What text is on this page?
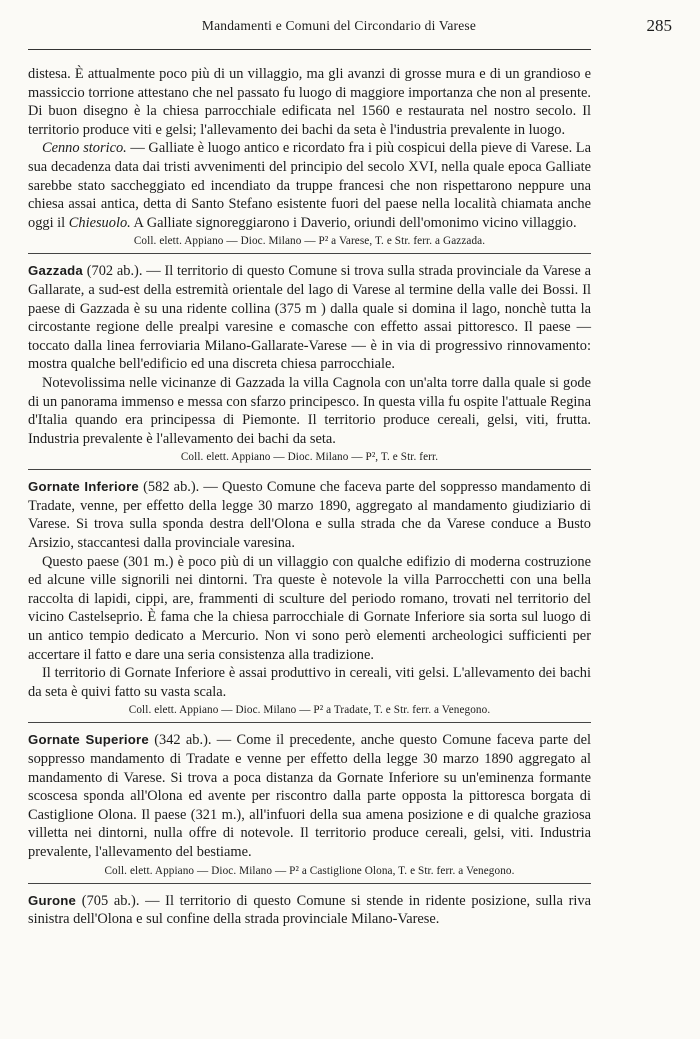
Mandamenti e Comuni del Circondario di Varese	285

distesa. È attualmente poco più di un villaggio, ma gli avanzi di grosse mura e di un grandioso e massiccio torrione attestano che nel passato fu luogo di maggiore importanza che non al presente. Di buon disegno è la chiesa parrocchiale edificata nel 1560 e restaurata nel nostro secolo. Il territorio produce viti e gelsi; l'allevamento dei bachi da seta è l'industria prevalente in luogo.

Cenno storico. — Galliate è luogo antico e ricordato fra i più cospicui della pieve di Varese. La sua decadenza data dai tristi avvenimenti del principio del secolo XVI, nella quale epoca Galliate sarebbe stato saccheggiato ed incendiato da truppe francesi che non rispettarono neppure una chiesa assai antica, detta di Santo Stefano esistente fuori del paese nella località chiamata anche oggi il Chiesuolo. A Galliate signoreggiarono i Daverio, oriundi dell'omonimo vicino villaggio.

Coll. elett. Appiano — Dioc. Milano — P² a Varese, T. e Str. ferr. a Gazzada.

Gazzada (702 ab.). — Il territorio di questo Comune si trova sulla strada provinciale da Varese a Gallarate, a sud-est della estremità orientale del lago di Varese al termine della valle dei Bossi. Il paese di Gazzada è su una ridente collina (375 m ) dalla quale si domina il lago, nonchè tutta la circostante regione delle prealpi varesine e comasche con effetto assai pittoresco. Il paese — toccato dalla linea ferroviaria Milano-Gallarate-Varese — è in via di progressivo rinnovamento: mostra qualche bell'edificio ed una discreta chiesa parrocchiale.

Notevolissima nelle vicinanze di Gazzada la villa Cagnola con un'alta torre dalla quale si gode di un panorama immenso e messa con sfarzo principesco. In questa villa fu ospite l'attuale Regina d'Italia quando era principessa di Piemonte. Il territorio produce cereali, gelsi, viti, frutta. Industria prevalente è l'allevamento dei bachi da seta.

Coll. elett. Appiano — Dioc. Milano — P², T. e Str. ferr.

Gornate Inferiore (582 ab.). — Questo Comune che faceva parte del soppresso mandamento di Tradate, venne, per effetto della legge 30 marzo 1890, aggregato al mandamento giudiziario di Varese. Si trova sulla sponda destra dell'Olona e sulla strada che da Varese conduce a Busto Arsizio, staccantesi dalla provinciale varesina.

Questo paese (301 m.) è poco più di un villaggio con qualche edifizio di moderna costruzione ed alcune ville signorili nei dintorni. Tra queste è notevole la villa Parrocchetti con una bella raccolta di lapidi, cippi, are, frammenti di sculture del periodo romano, trovati nel territorio del vicino Castelseprio. È fama che la chiesa parrocchiale di Gornate Inferiore sia sorta sul luogo di un antico tempio dedicato a Mercurio. Non vi sono però elementi archeologici sufficienti per accertare il fatto e dare una seria consistenza alla tradizione.

Il territorio di Gornate Inferiore è assai produttivo in cereali, viti gelsi. L'allevamento dei bachi da seta è quivi fatto su vasta scala.

Coll. elett. Appiano — Dioc. Milano — P² a Tradate, T. e Str. ferr. a Venegono.

Gornate Superiore (342 ab.). — Come il precedente, anche questo Comune faceva parte del soppresso mandamento di Tradate e venne per effetto della legge 30 marzo 1890 aggregato al mandamento di Varese. Si trova a poca distanza da Gornate Inferiore su un'eminenza formante scoscesa sponda all'Olona ed avente per riscontro dalla parte opposta la pittoresca borgata di Castiglione Olona. Il paese (321 m.), all'infuori della sua amena posizione e di qualche graziosa villetta nei dintorni, nulla offre di notevole. Il territorio produce cereali, gelsi, viti. Industria prevalente, l'allevamento del bestiame.

Coll. elett. Appiano — Dioc. Milano — P² a Castiglione Olona, T. e Str. ferr. a Venegono.

Gurone (705 ab.). — Il territorio di questo Comune si stende in ridente posizione, sulla riva sinistra dell'Olona e sul confine della strada provinciale Milano-Varese.
